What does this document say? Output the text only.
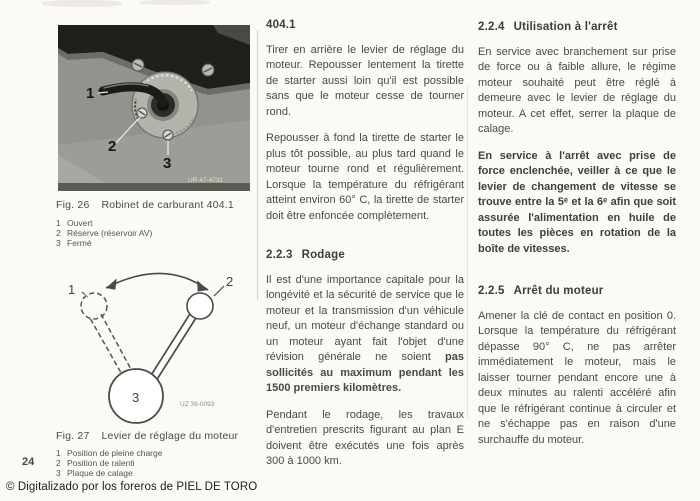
1
2
3
UR 47-4731
Fig. 26 Robinet de carburant 404.1
1 Ouvert
2 Réserve (réservoir AV)
3 Fermé
1
2
3	UZ 39-0093
Fig. 27 Levier de réglage du moteur
1 Position de pleine charge
2 Position de ralenti
3 Plaque de calage
24
404.1

Tirer en arrière le levier de réglage du moteur. Repousser lentement la tirette de starter aussi loin qu'il est possible sans que le moteur cesse de tourner rond.

Repousser à fond la tirette de starter le plus tôt possible, au plus tard quand le moteur tourne rond et régulièrement. Lorsque la température du réfrigérant atteint environ 60° C, la tirette de starter doit être enfoncée complètement.

2.2.3 Rodage

Il est d'une importance capitale pour la longévité et la sécurité de service que le moteur et la transmission d'un véhicule neuf, un moteur d'échange standard ou un moteur ayant fait l'objet d'une révision générale ne soient pas sollicités au maximum pendant les 1500 premiers kilomètres.

Pendant le rodage, les travaux d'entretien prescrits figurant au plan E doivent être exécutés une fois après 300 à 1000 km.

2.2.4 Utilisation à l'arrêt

En service avec branchement sur prise de force ou à faible allure, le régime moteur souhaité peut être réglé à demeure avec le levier de réglage du moteur. A cet effet, serrer la plaque de calage.

En service à l'arrêt avec prise de force enclenchée, veiller à ce que le levier de changement de vitesse se trouve entre la 5ᵉ et la 6ᵉ afin que soit assurée l'alimentation en huile de toutes les pièces en rotation de la boîte de vitesses.

2.2.5 Arrêt du moteur

Amener la clé de contact en position 0. Lorsque la température du réfrigérant dépasse 90° C, ne pas arrêter immédiatement le moteur, mais le laisser tourner pendant encore une à deux minutes au ralenti accéléré afin que le réfrigérant continue à circuler et ne s'échappe pas en raison d'une surchauffe du moteur.

© Digitalizado por los foreros de PIEL DE TORO
